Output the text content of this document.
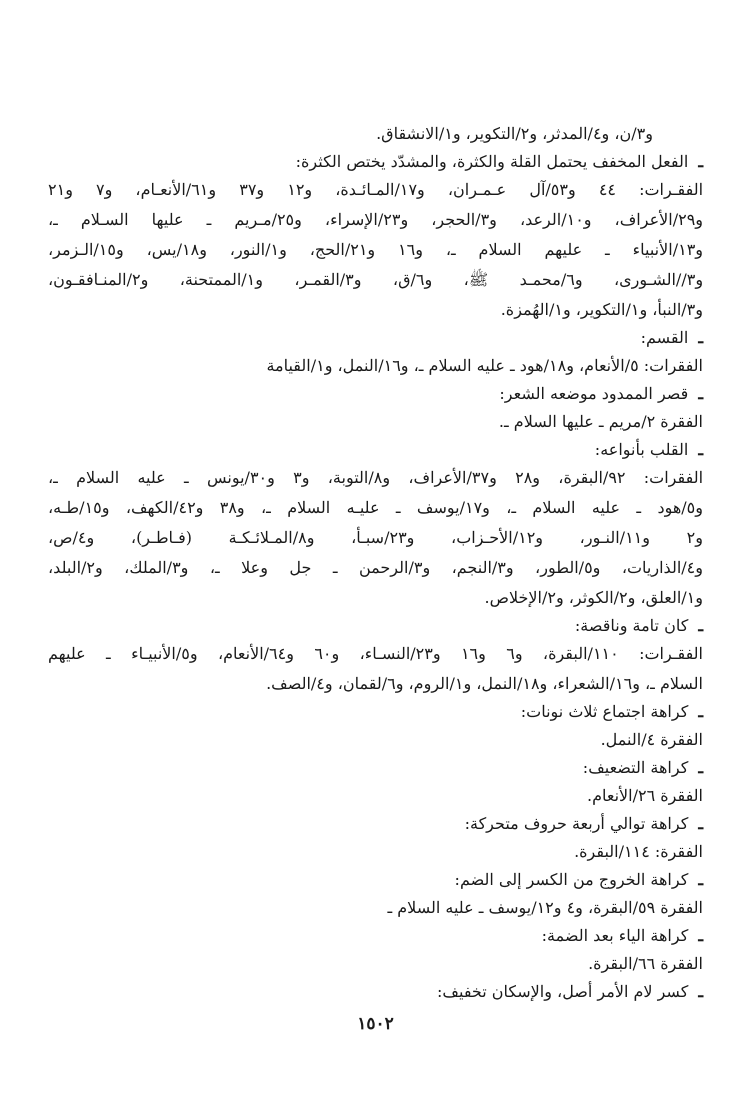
و٣/ن، و٤/المدثر، و٢/التكوير، و١/الانشقاق.
ـالفعل المخفف يحتمل القلة والكثرة، والمشدّد يختص الكثرة:
الفقـرات: ٤٤ و٥٣/آل عـمـران، و١٧/المـائـدة، و١٢ و٣٧ و٦١/الأنعـام، و٧ و٢١
و٢٩/الأعراف، و١٠/الرعد، و٣/الحجر، و٢٣/الإسراء، و٢٥/مـريم ـ عليها السـلام ـ،
و١٣/الأنبياء ـ عليهم السلام ـ، و١٦ و٢١/الحج، و١/النور، و١٨/يس، و١٥/الـزمر،
و٣//الشـورى، و٦/محمـد ﷺ، و٦/ق، و٣/القمـر، و١/الممتحنة، و٢/المنـافقـون،
و٣/النبأ، و١/التكوير، و١/الهُمزة.
ـالقسم:
الفقرات: ٥/الأنعام، و١٨/هود ـ عليه السلام ـ، و١٦/النمل، و١/القيامة
ـقصر الممدود موضعه الشعر:
الفقرة ٢/مريم ـ عليها السلام ـ.
ـالقلب بأنواعه:
الفقرات: ٩٢/البقرة، و٢٨ و٣٧/الأعراف، و٨/التوبة، و٣ و٣٠/يونس ـ عليه السلام ـ،
و٥/هود ـ عليه السلام ـ، و١٧/يوسف ـ عليـه السلام ـ، و٣٨ و٤٢/الكهف، و١٥/طـه،
و٢ و١١/النـور، و١٢/الأحـزاب، و٢٣/سبـأ، و٨/المـلائـكـة (فـاطـر)، و٤/ص،
و٤/الذاريات، و٥/الطور، و٣/النجم، و٣/الرحمن ـ جل وعلا ـ، و٣/الملك، و٢/البلد،
و١/العلق، و٢/الكوثر، و٢/الإخلاص.
ـكان تامة وناقصة:
الفقـرات: ١١٠/البقرة، و٦ و١٦ و٢٣/النسـاء، و٦٠ و٦٤/الأنعام، و٥/الأنبيـاء ـ عليهم
السلام ـ، و١٦/الشعراء، و١٨/النمل، و١/الروم، و٦/لقمان، و٤/الصف.
ـكراهة اجتماع ثلاث نونات:
الفقرة ٤/النمل.
ـكراهة التضعيف:
الفقرة ٢٦/الأنعام.
ـكراهة توالي أربعة حروف متحركة:
الفقرة: ١١٤/البقرة.
ـكراهة الخروج من الكسر إلى الضم:
الفقرة ٥٩/البقرة، و٤ و١٢/يوسف ـ عليه السلام ـ
ـكراهة الياء بعد الضمة:
الفقرة ٦٦/البقرة.
ـكسر لام الأمر أصل، والإسكان تخفيف:
١٥٠٢
